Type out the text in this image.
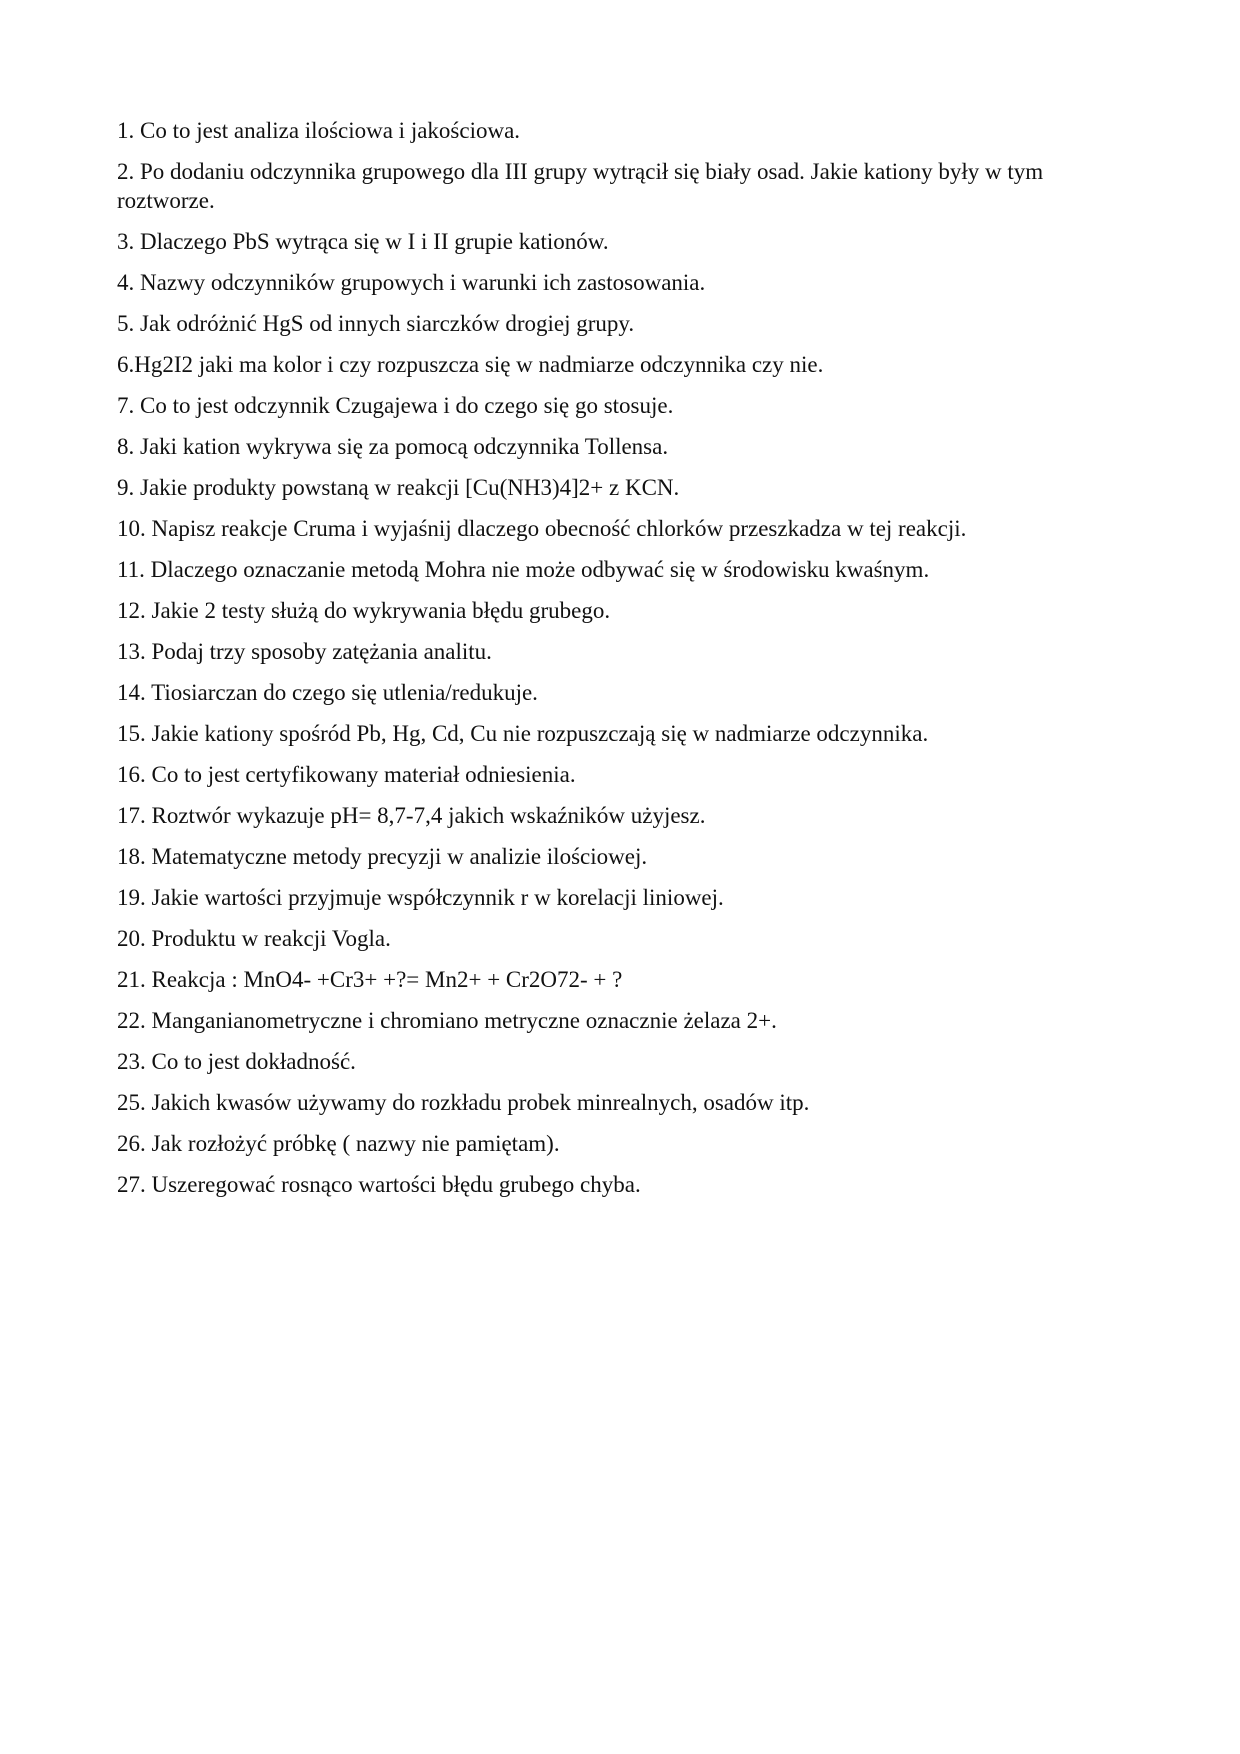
1. Co to jest analiza ilościowa i jakościowa.
2. Po dodaniu odczynnika grupowego dla III grupy wytrącił się biały osad. Jakie kationy były w tym roztworze.
3. Dlaczego PbS wytrąca się w I i II grupie kationów.
4. Nazwy odczynników grupowych i warunki ich zastosowania.
5. Jak odróżnić HgS od innych siarczków drogiej grupy.
6.Hg2I2 jaki ma kolor i czy rozpuszcza się w nadmiarze odczynnika czy nie.
7. Co to jest odczynnik Czugajewa i do czego się go stosuje.
8. Jaki kation wykrywa się za pomocą odczynnika Tollensa.
9. Jakie produkty powstaną w reakcji [Cu(NH3)4]2+ z KCN.
10. Napisz reakcje Cruma i wyjaśnij dlaczego obecność chlorków przeszkadza w tej reakcji.
11. Dlaczego oznaczanie metodą Mohra nie może odbywać się w środowisku kwaśnym.
12. Jakie 2 testy służą do wykrywania błędu grubego.
13. Podaj trzy sposoby zatężania analitu.
14. Tiosiarczan do czego się utlenia/redukuje.
15. Jakie kationy spośród Pb, Hg, Cd, Cu nie rozpuszczają się w nadmiarze odczynnika.
16. Co to jest certyfikowany materiał odniesienia.
17. Roztwór wykazuje pH= 8,7-7,4 jakich wskaźników użyjesz.
18. Matematyczne metody precyzji w analizie ilościowej.
19. Jakie wartości przyjmuje współczynnik r w korelacji liniowej.
20. Produktu w reakcji Vogla.
21. Reakcja : MnO4- +Cr3+ +?= Mn2+ + Cr2O72- + ?
22. Manganianometryczne i chromiano metryczne oznacznie żelaza 2+.
23. Co to jest dokładność.
25. Jakich kwasów używamy do rozkładu probek minrealnych, osadów itp.
26. Jak rozłożyć próbkę ( nazwy nie pamiętam).
27. Uszeregować rosnąco wartości błędu grubego chyba.
